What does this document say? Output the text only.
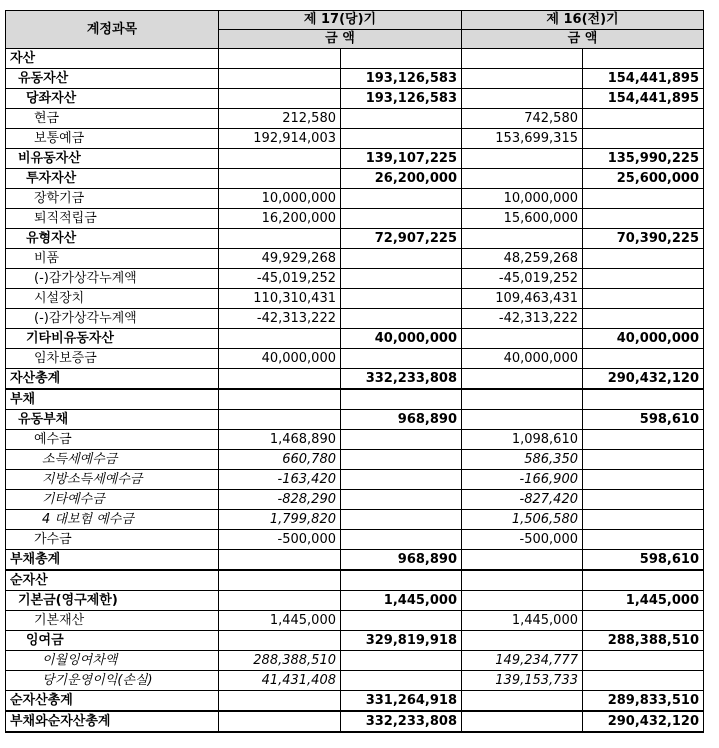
계정과목	제 17(당)기		제 16(전)기	
	금 액		금 액	
자산				
유동자산		193,126,583		154,441,895
당좌자산		193,126,583		154,441,895
현금	212,580		742,580	
보통예금	192,914,003		153,699,315	
비유동자산		139,107,225		135,990,225
투자자산		26,200,000		25,600,000
장학기금	10,000,000		10,000,000	
퇴직적립금	16,200,000		15,600,000	
유형자산		72,907,225		70,390,225
비품	49,929,268		48,259,268	
(-)감가상각누계액	-45,019,252		-45,019,252	
시설장치	110,310,431		109,463,431	
(-)감가상각누계액	-42,313,222		-42,313,222	
기타비유동자산		40,000,000		40,000,000
임차보증금	40,000,000		40,000,000	
자산총계		332,233,808		290,432,120
부채				
유동부채		968,890		598,610
예수금	1,468,890		1,098,610	
소득세예수금	660,780		586,350	
지방소득세예수금	-163,420		-166,900	
기타예수금	-828,290		-827,420	
4 대보험 예수금	1,799,820		1,506,580	
가수금	-500,000		-500,000	
부채총계		968,890		598,610
순자산				
기본금(영구제한)		1,445,000		1,445,000
기본재산	1,445,000		1,445,000	
잉여금		329,819,918		288,388,510
이월잉여차액	288,388,510		149,234,777	
당기운영이익(손실)	41,431,408		139,153,733	
순자산총계		331,264,918		289,833,510
부채와순자산총계		332,233,808		290,432,120
